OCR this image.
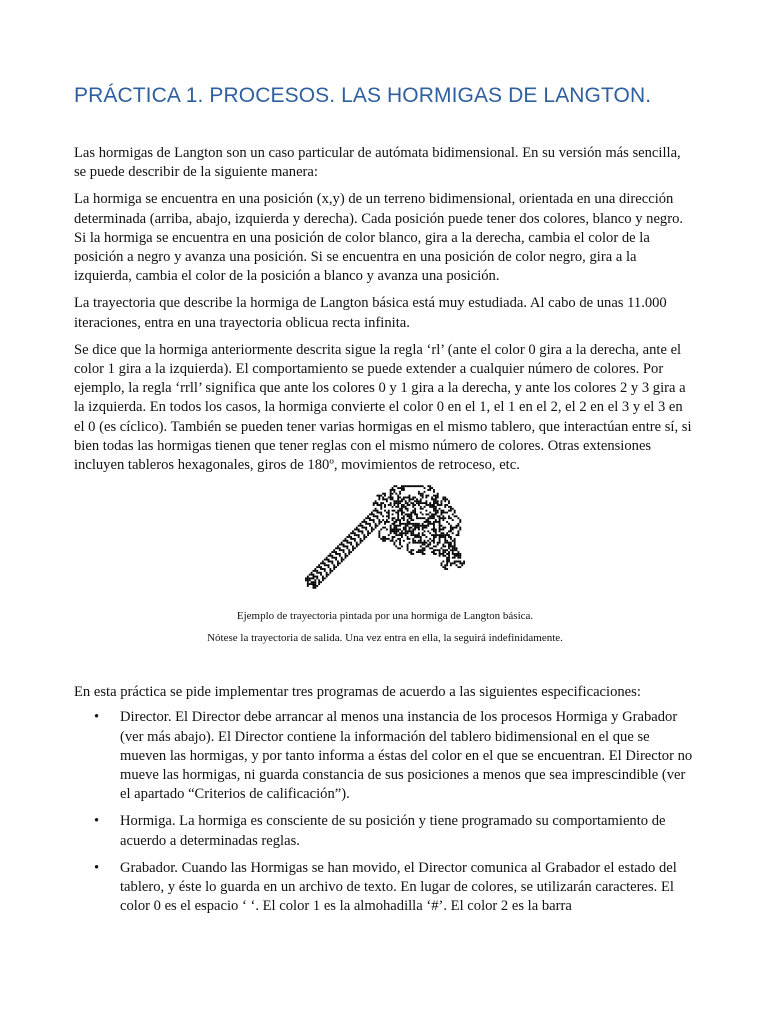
PRÁCTICA 1. PROCESOS. LAS HORMIGAS DE LANGTON.

Las hormigas de Langton son un caso particular de autómata bidimensional. En su versión más sencilla, se puede describir de la siguiente manera:

La hormiga se encuentra en una posición (x,y) de un terreno bidimensional, orientada en una dirección determinada (arriba, abajo, izquierda y derecha). Cada posición puede tener dos colores, blanco y negro. Si la hormiga se encuentra en una posición de color blanco, gira a la derecha, cambia el color de la posición a negro y avanza una posición. Si se encuentra en una posición de color negro, gira a la izquierda, cambia el color de la posición a blanco y avanza una posición.

La trayectoria que describe la hormiga de Langton básica está muy estudiada. Al cabo de unas 11.000 iteraciones, entra en una trayectoria oblicua recta infinita.

Se dice que la hormiga anteriormente descrita sigue la regla ‘rl’ (ante el color 0 gira a la derecha, ante el color 1 gira a la izquierda). El comportamiento se puede extender a cualquier número de colores. Por ejemplo, la regla ‘rrll’ significa que ante los colores 0 y 1 gira a la derecha, y ante los colores 2 y 3 gira a la izquierda. En todos los casos, la hormiga convierte el color 0 en el 1, el 1 en el 2, el 2 en el 3 y el 3 en el 0 (es cíclico). También se pueden tener varias hormigas en el mismo tablero, que interactúan entre sí, si bien todas las hormigas tienen que tener reglas con el mismo número de colores. Otras extensiones incluyen tableros hexagonales, giros de 180º, movimientos de retroceso, etc.

Ejemplo de trayectoria pintada por una hormiga de Langton básica.

Nótese la trayectoria de salida. Una vez entra en ella, la seguirá indefinidamente.

En esta práctica se pide implementar tres programas de acuerdo a las siguientes especificaciones:

• Director. El Director debe arrancar al menos una instancia de los procesos Hormiga y Grabador (ver más abajo). El Director contiene la información del tablero bidimensional en el que se mueven las hormigas, y por tanto informa a éstas del color en el que se encuentran. El Director no mueve las hormigas, ni guarda constancia de sus posiciones a menos que sea imprescindible (ver el apartado “Criterios de calificación”).
• Hormiga. La hormiga es consciente de su posición y tiene programado su comportamiento de acuerdo a determinadas reglas.
• Grabador. Cuando las Hormigas se han movido, el Director comunica al Grabador el estado del tablero, y éste lo guarda en un archivo de texto. En lugar de colores, se utilizarán caracteres. El color 0 es el espacio ‘ ‘. El color 1 es la almohadilla ‘#’. El color 2 es la barra
